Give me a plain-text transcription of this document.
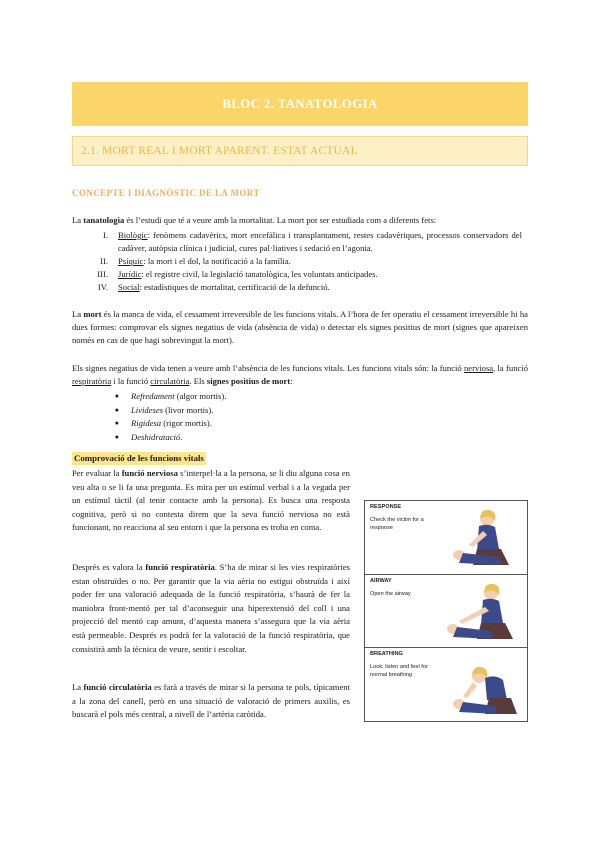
BLOC 2. TANATOLOGIA
2.1. MORT REAL I MORT APARENT. ESTAT ACTUAL
CONCEPTE I DIAGNÒSTIC DE LA MORT
La tanatologia és l’estudi que té a veure amb la mortalitat. La mort pot ser estudiada com a diferents fets:
I.	Biològic: fenòmens cadavèrics, mort encefàlica i transplantament, restes cadavèriques, processos conservadors del cadàver, autòpsia clínica i judicial, cures pal·liatives i sedació en l’agonia.
II.	Psíquic: la mort i el dol, la notificació a la família.
III.	Jurídic: el registre civil, la legislació tanatològica, les voluntats anticipades.
IV.	Social: estadístiques de mortalitat, certificació de la defunció.
La mort és la manca de vida, el cessament irreversible de les funcions vitals. A l’hora de fer operatiu el cessament irreversible hi ha dues formes: comprovar els signes negatius de vida (absència de vida) o detectar els signes positius de mort (signes que apareixen només en cas de que hagi sobrevingut la mort).
Els signes negatius de vida tenen a veure amb l’absència de les funcions vitals. Les funcions vitals són: la funció nerviosa, la funció respiratòria i la funció circulatòria. Els signes positius de mort:
●	Refredament (algor mortis).
●	Livideses (livor mortis).
●	Rigidesa (rigor mortis).
●	Deshidratació.
Comprovació de les funcions vitals
Per evaluar la funció nerviosa s’interpel·la a la persona, se li diu alguna cosa en veu alta o se li fa una pregunta. Es mira per un estímul verbal i a la vegada per un estímul tàctil (al tenir contacte amb la persona). Es busca una resposta cognitiva, però si no contesta direm que la seva funció nerviosa no està funcionant, no reacciona al seu entorn i que la persona es troba en coma.
Després es valora la funció respiratòria. S’ha de mirar si les vies respiratòries estan obstruïdes o no. Per garantir que la via aèria no estigui obstruïda i així poder fer una valoració adequada de la funció respiratòria, s’haurà de fer la maniobra front-mentó per tal d’aconseguir una hiperextensió del coll i una projecció del mentó cap amunt, d’aquesta manera s’assegura que la via aèria està permeable. Després es podrà fer la valoració de la funció respiratòria, que consistirà amb la tècnica de veure, sentir i escoltar.
La funció circulatòria es farà a través de mirar si la persona te pols, típicament a la zona del canell, però en una situació de valoració de primers auxilis, es buscarà el pols més central, a nivell de l’artèria caròtida.
RESPONSE
Check the victim for a response
AIRWAY
Open the airway
BREATHING
Look, listen and feel for normal breathing
